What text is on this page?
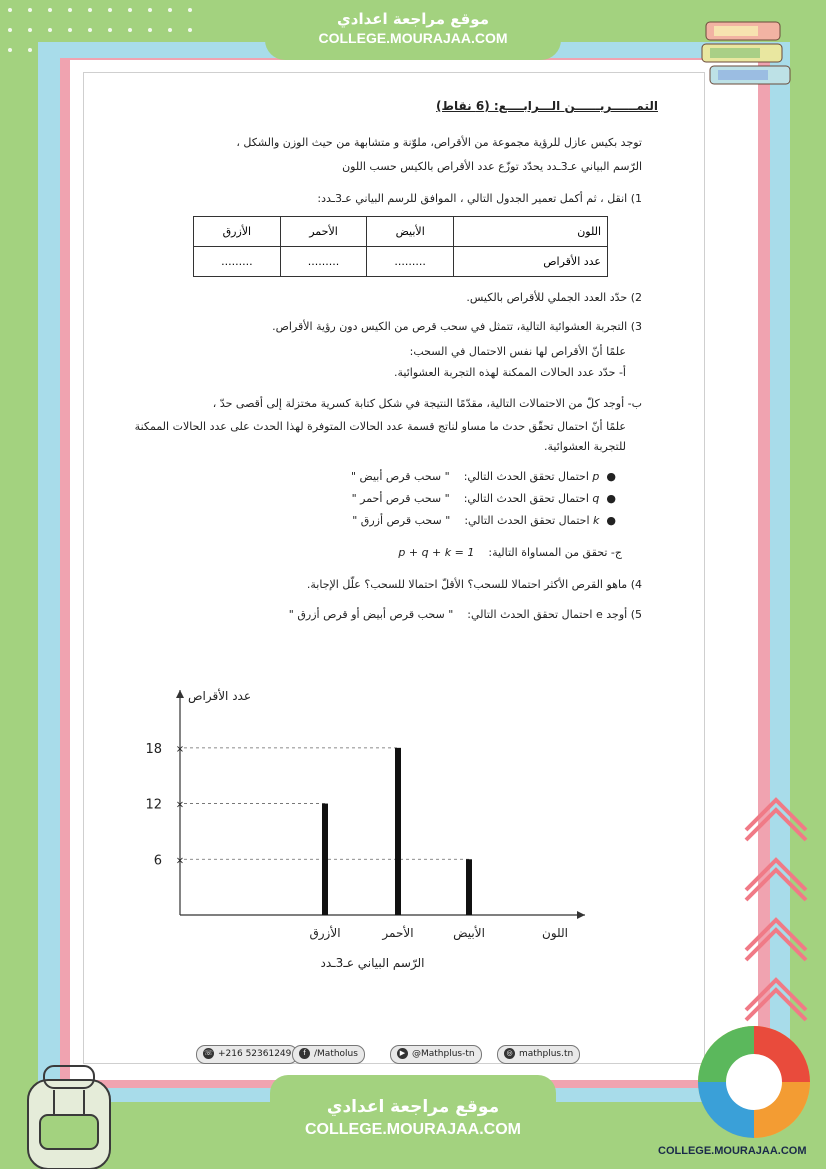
موقع مراجعة اعدادي
COLLEGE.MOURAJAA.COM
التمــــــريــــــن الـــرابــــع: (6 نقاط)
توجد بكيس عازل للرؤية مجموعة من الأقراص، ملوّنة و متشابهة من حيث الوزن والشكل ،
الرّسم البياني عـ3ـدد يحدّد توزّع عدد الأقراص بالكيس حسب اللون
1) انقل ، ثم أكمل تعمير الجدول التالي ، الموافق للرسم البياني عـ3ـدد:
اللون	الأبيض	الأحمر	الأزرق
عدد الأقراص	.........	.........	.........
2) حدّد العدد الجملي للأقراص بالكيس.
3) التجربة العشوائية التالية، تتمثل في سحب قرص من الكيس دون رؤية الأقراص.
علمًا أنّ الأقراص لها نفس الاحتمال في السحب:
أ- حدّد عدد الحالات الممكنة لهذه التجربة العشوائية.
ب- أوجد كلّ من الاحتمالات التالية، مقدّمًا النتيجة في شكل كتابة كسرية مختزلة إلى أقصى حدّ ،
علمًا أنّ احتمال تحقّق حدث ما مساو لناتج قسمة عدد الحالات المتوفرة لهذا الحدث على عدد الحالات الممكنة
للتجربة العشوائية.
●  p احتمال تحقق الحدث التالي:    " سحب قرص أبيض "
●  q احتمال تحقق الحدث التالي:    " سحب قرص أحمر "
●  k احتمال تحقق الحدث التالي:    " سحب قرص أزرق "
ج- تحقق من المساواة التالية:    p + q + k = 1
4) ماهو القرص الأكثر احتمالا للسحب؟ الأقلّ احتمالا للسحب؟ علّل الإجابة.
5) أوجد e احتمال تحقق الحدث التالي:    " سحب قرص أبيض أو قرص أزرق "
عدد الأقراص
اللون
6 ×
12 ×
18 ×
الأزرق	الأحمر	الأبيض
الرّسم البياني عـ3ـدد
☏ +216 52361249	f /Matholus	▶ @Mathplus-tn	◎ mathplus.tn
موقع مراجعة اعدادي
COLLEGE.MOURAJAA.COM
COLLEGE.MOURAJAA.COM
